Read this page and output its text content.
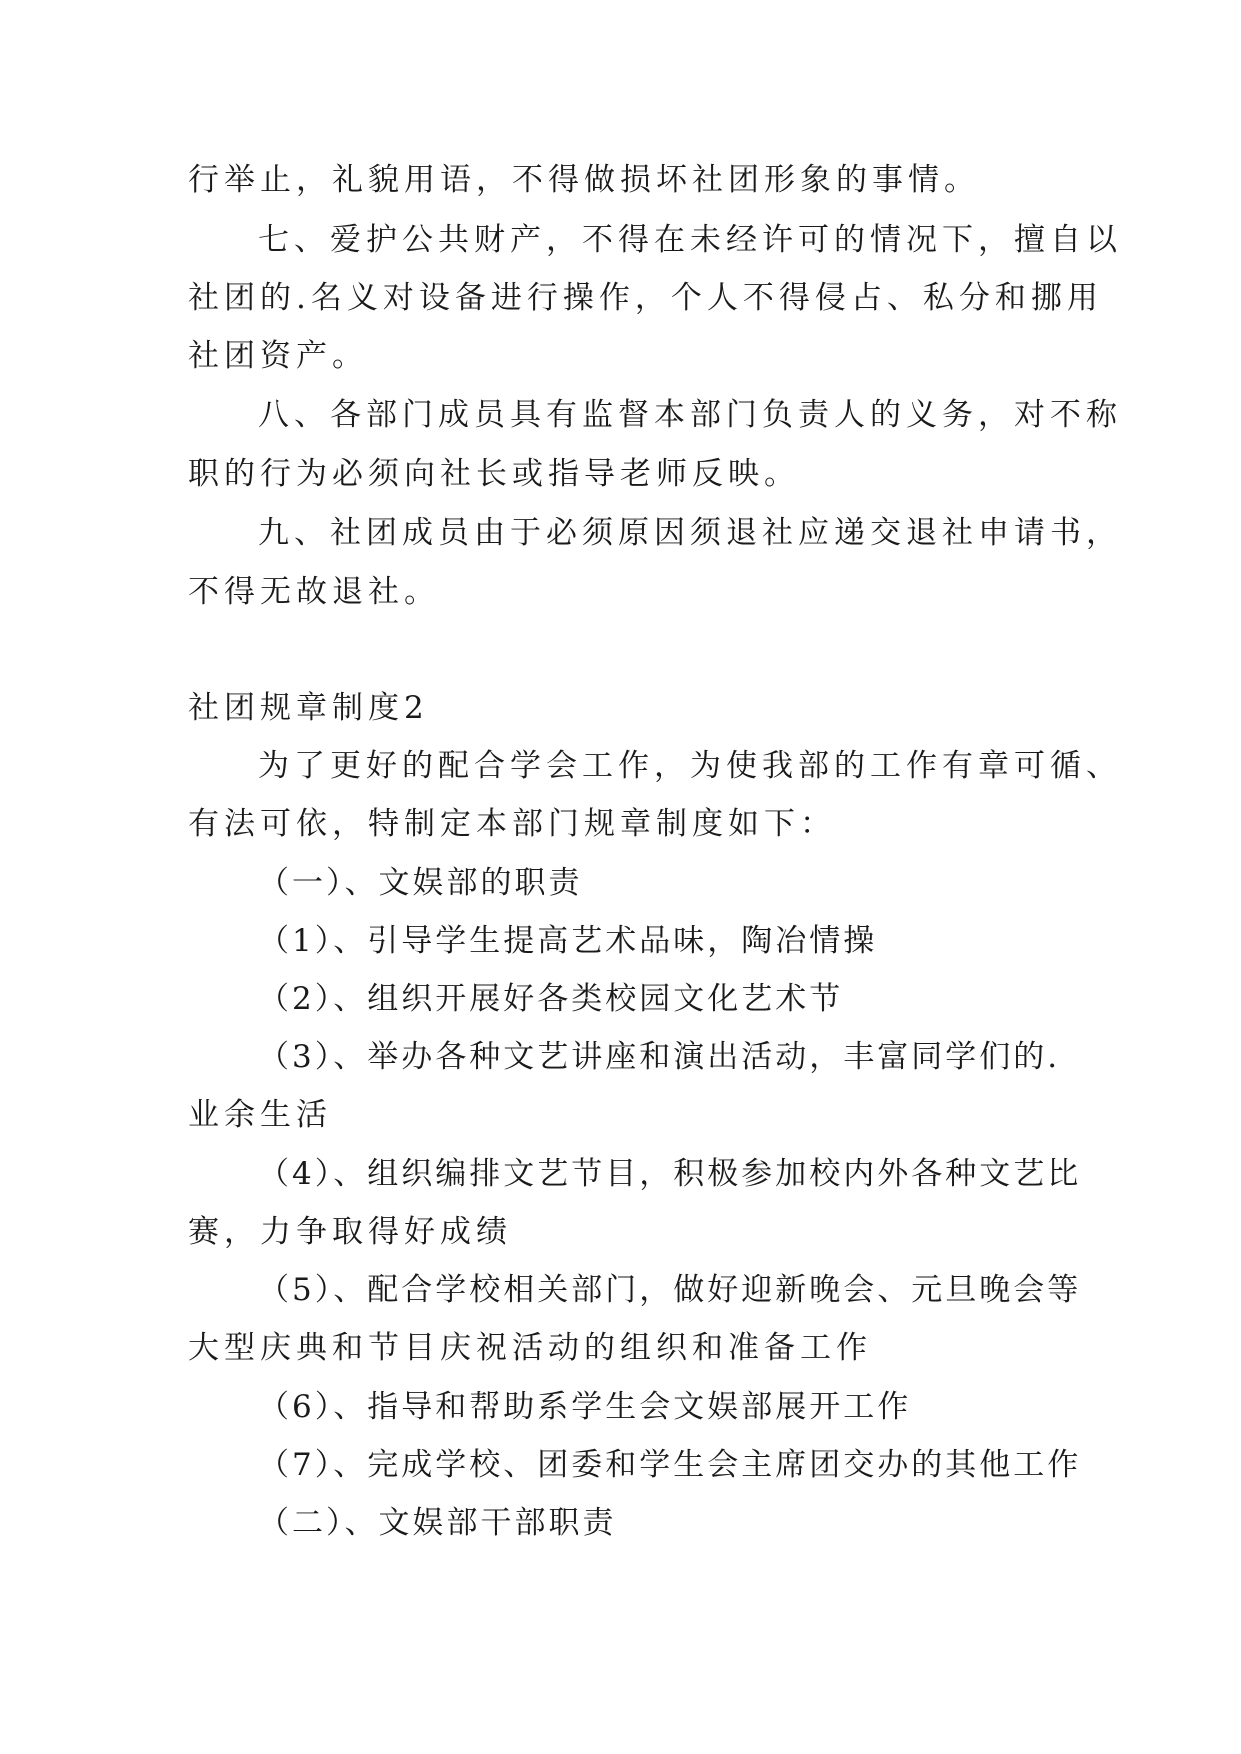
行举止，礼貌用语，不得做损坏社团形象的事情。
七、爱护公共财产，不得在未经许可的情况下，擅自以
社团的.名义对设备进行操作，个人不得侵占、私分和挪用
社团资产。
八、各部门成员具有监督本部门负责人的义务，对不称
职的行为必须向社长或指导老师反映。
九、社团成员由于必须原因须退社应递交退社申请书，
不得无故退社。
社团规章制度2
为了更好的配合学会工作，为使我部的工作有章可循、
有法可依，特制定本部门规章制度如下：
（一）、文娱部的职责
（1）、引导学生提高艺术品味，陶冶情操
（2）、组织开展好各类校园文化艺术节
（3）、举办各种文艺讲座和演出活动，丰富同学们的.
业余生活
（4）、组织编排文艺节目，积极参加校内外各种文艺比
赛，力争取得好成绩
（5）、配合学校相关部门，做好迎新晚会、元旦晚会等
大型庆典和节目庆祝活动的组织和准备工作
（6）、指导和帮助系学生会文娱部展开工作
（7）、完成学校、团委和学生会主席团交办的其他工作
（二）、文娱部干部职责
